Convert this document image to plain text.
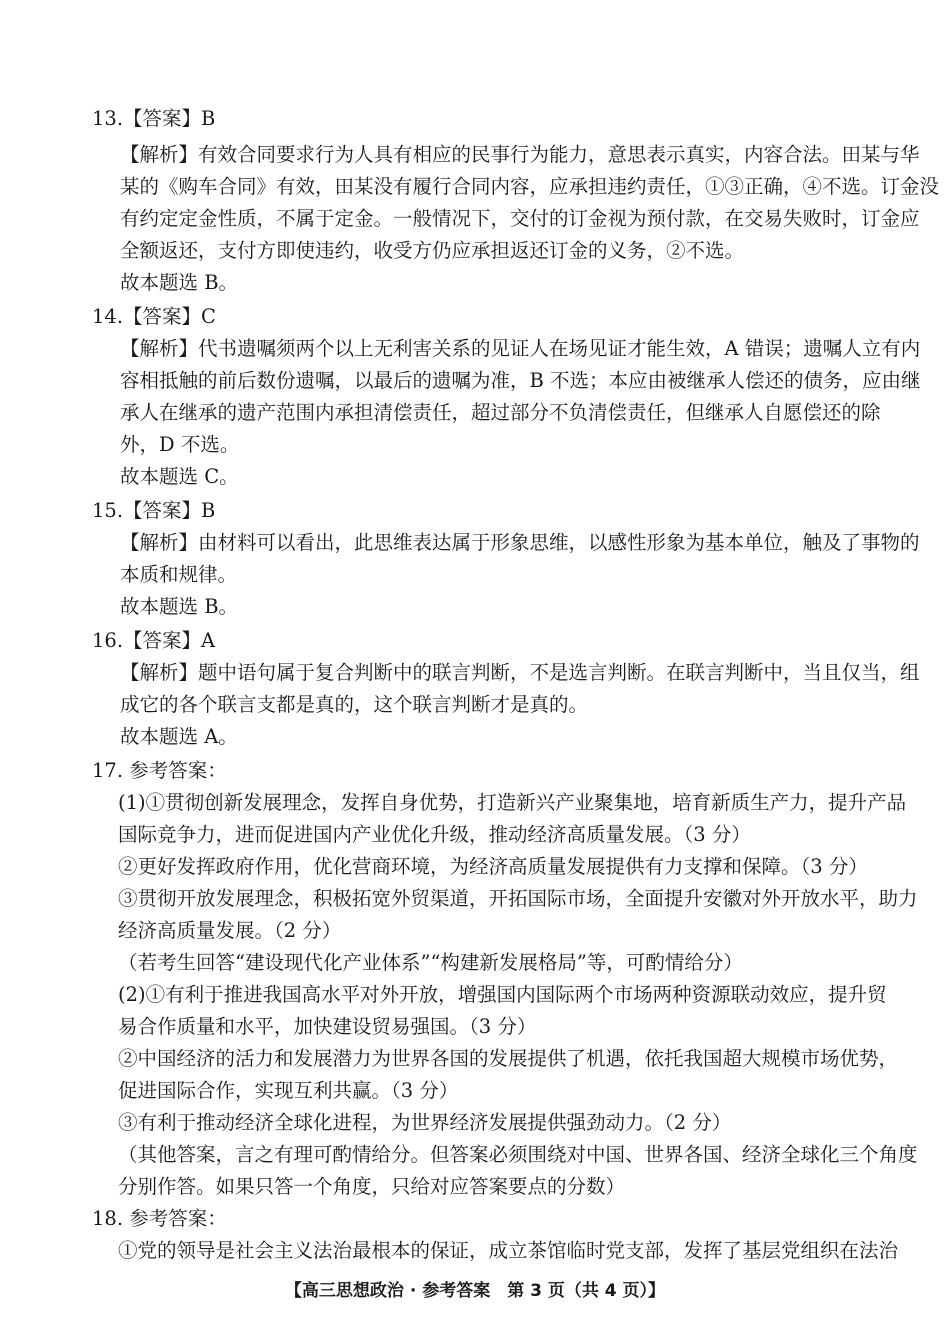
13.【答案】B
【解析】有效合同要求行为人具有相应的民事行为能力，意思表示真实，内容合法。田某与华
某的《购车合同》有效，田某没有履行合同内容，应承担违约责任，①③正确，④不选。订金没
有约定定金性质，不属于定金。一般情况下，交付的订金视为预付款，在交易失败时，订金应
全额返还，支付方即使违约，收受方仍应承担返还订金的义务，②不选。
故本题选 B。
14.【答案】C
【解析】代书遗嘱须两个以上无利害关系的见证人在场见证才能生效，A 错误；遗嘱人立有内
容相抵触的前后数份遗嘱，以最后的遗嘱为准，B 不选；本应由被继承人偿还的债务，应由继
承人在继承的遗产范围内承担清偿责任，超过部分不负清偿责任，但继承人自愿偿还的除
外，D 不选。
故本题选 C。
15.【答案】B
【解析】由材料可以看出，此思维表达属于形象思维，以感性形象为基本单位，触及了事物的
本质和规律。
故本题选 B。
16.【答案】A
【解析】题中语句属于复合判断中的联言判断，不是选言判断。在联言判断中，当且仅当，组
成它的各个联言支都是真的，这个联言判断才是真的。
故本题选 A。
17. 参考答案：
(1)①贯彻创新发展理念，发挥自身优势，打造新兴产业聚集地，培育新质生产力，提升产品
国际竞争力，进而促进国内产业优化升级，推动经济高质量发展。（3 分）
②更好发挥政府作用，优化营商环境，为经济高质量发展提供有力支撑和保障。（3 分）
③贯彻开放发展理念，积极拓宽外贸渠道，开拓国际市场，全面提升安徽对外开放水平，助力
经济高质量发展。（2 分）
（若考生回答“建设现代化产业体系”“构建新发展格局”等，可酌情给分）
(2)①有利于推进我国高水平对外开放，增强国内国际两个市场两种资源联动效应，提升贸
易合作质量和水平，加快建设贸易强国。（3 分）
②中国经济的活力和发展潜力为世界各国的发展提供了机遇，依托我国超大规模市场优势，
促进国际合作，实现互利共赢。（3 分）
③有利于推动经济全球化进程，为世界经济发展提供强劲动力。（2 分）
（其他答案，言之有理可酌情给分。但答案必须围绕对中国、世界各国、经济全球化三个角度
分别作答。如果只答一个角度，只给对应答案要点的分数）
18. 参考答案：
①党的领导是社会主义法治最根本的保证，成立茶馆临时党支部，发挥了基层党组织在法治
【高三思想政治 · 参考答案　第 3 页（共 4 页）】
